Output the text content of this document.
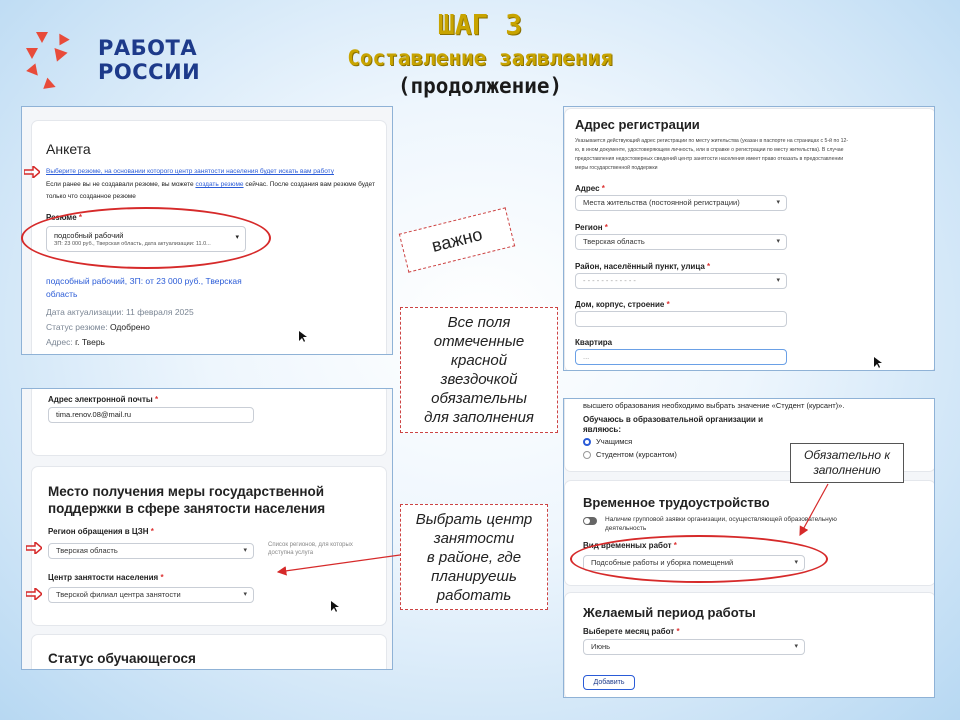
РАБОТА
РОССИИ
ШАГ 3
Составление заявления
(продолжение)
Анкета
Выберите резюме, на основании которого центр занятости населения будет искать вам работу
Если ранее вы не создавали резюме, вы можете создать резюме сейчас. После создания вам резюме будет
только что созданное резюме
Резюме *
подсобный рабочий
ЗП: 23 000 руб., Тверская область, дата актуализации: 11.0...
▾
подсобный рабочий, ЗП: от 23 000 руб., Тверская
область
Дата актуализации: 11 февраля 2025
Статус резюме: Одобрено
Адрес: г. Тверь
Адрес регистрации
Указывается действующий адрес регистрации по месту жительства (указан в паспорте на страницах с 5-й по 12-
ю, в ином документе, удостоверяющем личность, или в справке о регистрации по месту жительства). В случае
предоставления недостоверных сведений центр занятости населения имеет право отказать в предоставлении
меры государственной поддержки
Адрес *
Места жительства (постоянной регистрации)	▾
Регион *
Тверская область	▾
Район, населённый пункт, улица *
- - - - - - - - - - - -	▾
Дом, корпус, строение *
Квартира
...
важно
Все поля
отмеченные
красной
звездочкой
обязательны
для заполнения
Выбрать центр
занятости
в районе, где
планируешь
работать
Адрес электронной почты *
tima.renov.08@mail.ru
Место получения меры государственной
поддержки в сфере занятости населения
Регион обращения в ЦЗН *
Тверская область	▾
Список регионов, для которых
доступна услуга
Центр занятости населения *
Тверской филиал центра занятости	▾
Статус обучающегося
высшего образования необходимо выбрать значение «Студент (курсант)».
Обучаюсь в образовательной организации и
являюсь:
Учащимся
Студентом (курсантом)
Временное трудоустройство
Наличие групповой заявки организации, осуществляющей образовательную
деятельность
Вид временных работ *
Подсобные работы и уборка помещений	▾
Желаемый период работы
Выберете месяц работ *
Июнь	▾
Добавить
Обязательно к
заполнению
